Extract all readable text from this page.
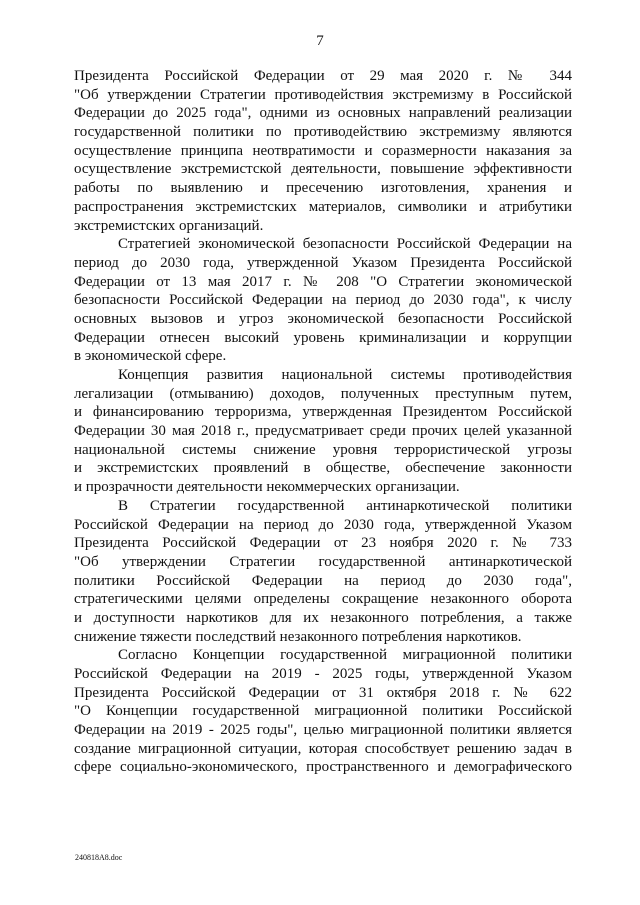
7
Президента Российской Федерации от 29 мая 2020 г. № 344
"Об утверждении Стратегии противодействия экстремизму в Российской
Федерации до 2025 года", одними из основных направлений реализации
государственной политики по противодействию экстремизму являются
осуществление принципа неотвратимости и соразмерности наказания за
осуществление экстремистской деятельности, повышение эффективности
работы по выявлению и пресечению изготовления, хранения и
распространения экстремистских материалов, символики и атрибутики
экстремистских организаций.
Стратегией экономической безопасности Российской Федерации на
период до 2030 года, утвержденной Указом Президента Российской
Федерации от 13 мая 2017 г. № 208 "О Стратегии экономической
безопасности Российской Федерации на период до 2030 года", к числу
основных вызовов и угроз экономической безопасности Российской
Федерации отнесен высокий уровень криминализации и коррупции
в экономической сфере.
Концепция развития национальной системы противодействия
легализации (отмыванию) доходов, полученных преступным путем,
и финансированию терроризма, утвержденная Президентом Российской
Федерации 30 мая 2018 г., предусматривает среди прочих целей указанной
национальной системы снижение уровня террористической угрозы
и экстремистских проявлений в обществе, обеспечение законности
и прозрачности деятельности некоммерческих организации.
В Стратегии государственной антинаркотической политики
Российской Федерации на период до 2030 года, утвержденной Указом
Президента Российской Федерации от 23 ноября 2020 г. № 733
"Об утверждении Стратегии государственной антинаркотической
политики Российской Федерации на период до 2030 года",
стратегическими целями определены сокращение незаконного оборота
и доступности наркотиков для их незаконного потребления, а также
снижение тяжести последствий незаконного потребления наркотиков.
Согласно Концепции государственной миграционной политики
Российской Федерации на 2019 - 2025 годы, утвержденной Указом
Президента Российской Федерации от 31 октября 2018 г. № 622
"О Концепции государственной миграционной политики Российской
Федерации на 2019 - 2025 годы", целью миграционной политики является
создание миграционной ситуации, которая способствует решению задач в
сфере социально-экономического, пространственного и демографического
240818A8.doc
